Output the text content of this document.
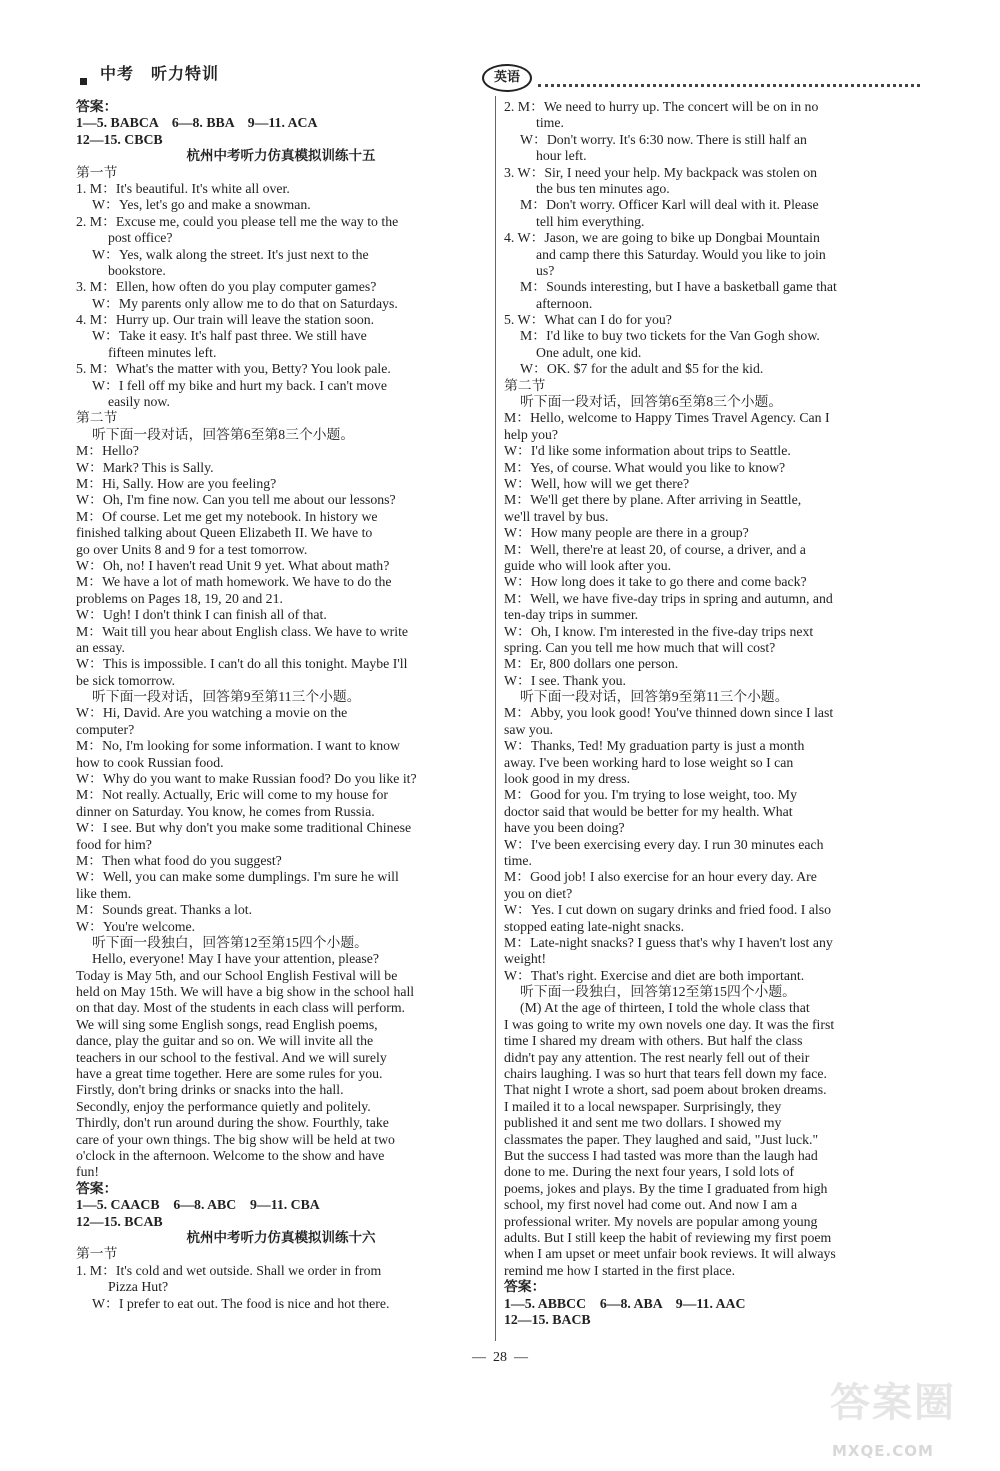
中考　听力特训	英语
答案：
1—5. BABCA　6—8. BBA　9—11. ACA
12—15. CBCB
杭州中考听力仿真模拟训练十五
第一节
1. M：It's beautiful. It's white all over.
W：Yes, let's go and make a snowman.
2. M：Excuse me, could you please tell me the way to the
post office?
W：Yes, walk along the street. It's just next to the
bookstore.
3. M：Ellen, how often do you play computer games?
W：My parents only allow me to do that on Saturdays.
4. M：Hurry up. Our train will leave the station soon.
W：Take it easy. It's half past three. We still have
fifteen minutes left.
5. M：What's the matter with you, Betty? You look pale.
W：I fell off my bike and hurt my back. I can't move
easily now.
第二节
听下面一段对话，回答第6至第8三个小题。
M：Hello?
W：Mark? This is Sally.
M：Hi, Sally. How are you feeling?
W：Oh, I'm fine now. Can you tell me about our lessons?
M：Of course. Let me get my notebook. In history we
finished talking about Queen Elizabeth II. We have to
go over Units 8 and 9 for a test tomorrow.
W：Oh, no! I haven't read Unit 9 yet. What about math?
M：We have a lot of math homework. We have to do the
problems on Pages 18, 19, 20 and 21.
W：Ugh! I don't think I can finish all of that.
M：Wait till you hear about English class. We have to write
an essay.
W：This is impossible. I can't do all this tonight. Maybe I'll
be sick tomorrow.
听下面一段对话，回答第9至第11三个小题。
W：Hi, David. Are you watching a movie on the
computer?
M：No, I'm looking for some information. I want to know
how to cook Russian food.
W：Why do you want to make Russian food? Do you like it?
M：Not really. Actually, Eric will come to my house for
dinner on Saturday. You know, he comes from Russia.
W：I see. But why don't you make some traditional Chinese
food for him?
M：Then what food do you suggest?
W：Well, you can make some dumplings. I'm sure he will
like them.
M：Sounds great. Thanks a lot.
W：You're welcome.
听下面一段独白，回答第12至第15四个小题。
Hello, everyone! May I have your attention, please?
Today is May 5th, and our School English Festival will be
held on May 15th. We will have a big show in the school hall
on that day. Most of the students in each class will perform.
We will sing some English songs, read English poems,
dance, play the guitar and so on. We will invite all the
teachers in our school to the festival. And we will surely
have a great time together. Here are some rules for you.
Firstly, don't bring drinks or snacks into the hall.
Secondly, enjoy the performance quietly and politely.
Thirdly, don't run around during the show. Fourthly, take
care of your own things. The big show will be held at two
o'clock in the afternoon. Welcome to the show and have
fun!
答案：
1—5. CAACB　6—8. ABC　9—11. CBA
12—15. BCAB
杭州中考听力仿真模拟训练十六
第一节
1. M：It's cold and wet outside. Shall we order in from
Pizza Hut?
W：I prefer to eat out. The food is nice and hot there.
2. M：We need to hurry up. The concert will be on in no
time.
W：Don't worry. It's 6:30 now. There is still half an
hour left.
3. W：Sir, I need your help. My backpack was stolen on
the bus ten minutes ago.
M：Don't worry. Officer Karl will deal with it. Please
tell him everything.
4. W：Jason, we are going to bike up Dongbai Mountain
and camp there this Saturday. Would you like to join
us?
M：Sounds interesting, but I have a basketball game that
afternoon.
5. W：What can I do for you?
M：I'd like to buy two tickets for the Van Gogh show.
One adult, one kid.
W：OK. $7 for the adult and $5 for the kid.
第二节
听下面一段对话，回答第6至第8三个小题。
M：Hello, welcome to Happy Times Travel Agency. Can I
help you?
W：I'd like some information about trips to Seattle.
M：Yes, of course. What would you like to know?
W：Well, how will we get there?
M：We'll get there by plane. After arriving in Seattle,
we'll travel by bus.
W：How many people are there in a group?
M：Well, there're at least 20, of course, a driver, and a
guide who will look after you.
W：How long does it take to go there and come back?
M：Well, we have five-day trips in spring and autumn, and
ten-day trips in summer.
W：Oh, I know. I'm interested in the five-day trips next
spring. Can you tell me how much that will cost?
M：Er, 800 dollars one person.
W：I see. Thank you.
听下面一段对话，回答第9至第11三个小题。
M：Abby, you look good! You've thinned down since I last
saw you.
W：Thanks, Ted! My graduation party is just a month
away. I've been working hard to lose weight so I can
look good in my dress.
M：Good for you. I'm trying to lose weight, too. My
doctor said that would be better for my health. What
have you been doing?
W：I've been exercising every day. I run 30 minutes each
time.
M：Good job! I also exercise for an hour every day. Are
you on diet?
W：Yes. I cut down on sugary drinks and fried food. I also
stopped eating late-night snacks.
M：Late-night snacks? I guess that's why I haven't lost any
weight!
W：That's right. Exercise and diet are both important.
听下面一段独白，回答第12至第15四个小题。
(M) At the age of thirteen, I told the whole class that
I was going to write my own novels one day. It was the first
time I shared my dream with others. But half the class
didn't pay any attention. The rest nearly fell out of their
chairs laughing. I was so hurt that tears fell down my face.
That night I wrote a short, sad poem about broken dreams.
I mailed it to a local newspaper. Surprisingly, they
published it and sent me two dollars. I showed my
classmates the paper. They laughed and said, "Just luck."
But the success I had tasted was more than the laugh had
done to me. During the next four years, I sold lots of
poems, jokes and plays. By the time I graduated from high
school, my first novel had come out. And now I am a
professional writer. My novels are popular among young
adults. But I still keep the habit of reviewing my first poem
when I am upset or meet unfair book reviews. It will always
remind me how I started in the first place.
答案：
1—5. ABBCC　6—8. ABA　9—11. AAC
12—15. BACB
—  28  —
答案圈
MXQE.COM
